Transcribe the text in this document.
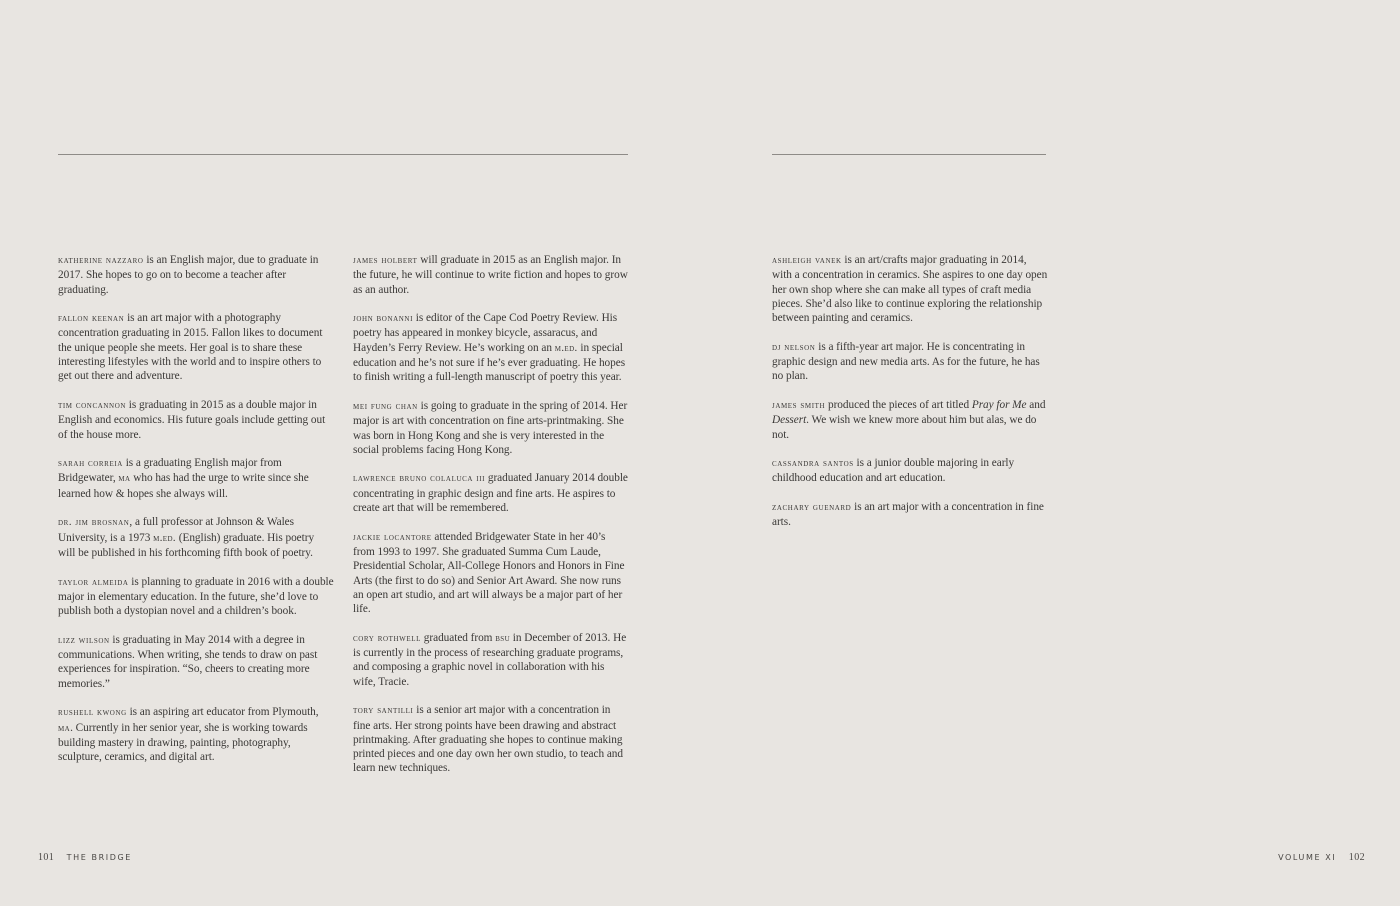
katherine nazzaro is an English major, due to graduate in 2017. She hopes to go on to become a teacher after graduating.

fallon keenan is an art major with a photography concentration graduating in 2015. Fallon likes to document the unique people she meets. Her goal is to share these interesting lifestyles with the world and to inspire others to get out there and adventure.

tim concannon is graduating in 2015 as a double major in English and economics. His future goals include getting out of the house more.

sarah correia is a graduating English major from Bridgewater, ma who has had the urge to write since she learned how & hopes she always will.

dr. jim brosnan, a full professor at Johnson & Wales University, is a 1973 m.ed. (English) graduate. His poetry will be published in his forthcoming fifth book of poetry.

taylor almeida is planning to graduate in 2016 with a double major in elementary education. In the future, she’d love to publish both a dystopian novel and a children’s book.

lizz wilson is graduating in May 2014 with a degree in communications. When writing, she tends to draw on past experiences for inspiration. “So, cheers to creating more memories.”

rushell kwong is an aspiring art educator from Plymouth, ma. Currently in her senior year, she is working towards building mastery in drawing, painting, photography, sculpture, ceramics, and digital art.

james holbert will graduate in 2015 as an English major. In the future, he will continue to write fiction and hopes to grow as an author.

john bonanni is editor of the Cape Cod Poetry Review. His poetry has appeared in monkey bicycle, assaracus, and Hayden’s Ferry Review. He’s working on an m.ed. in special education and he’s not sure if he’s ever graduating. He hopes to finish writing a full-length manuscript of poetry this year.

mei fung chan is going to graduate in the spring of 2014. Her major is art with concentration on fine arts-printmaking. She was born in Hong Kong and she is very interested in the social problems facing Hong Kong.

lawrence bruno colaluca iii graduated January 2014 double concentrating in graphic design and fine arts. He aspires to create art that will be remembered.

jackie locantore attended Bridgewater State in her 40’s from 1993 to 1997. She graduated Summa Cum Laude, Presidential Scholar, All-College Honors and Honors in Fine Arts (the first to do so) and Senior Art Award. She now runs an open art studio, and art will always be a major part of her life.

cory rothwell graduated from bsu in December of 2013. He is currently in the process of researching graduate programs, and composing a graphic novel in collaboration with his wife, Tracie.

tory santilli is a senior art major with a concentration in fine arts. Her strong points have been drawing and abstract printmaking. After graduating she hopes to continue making printed pieces and one day own her own studio, to teach and learn new techniques.

ashleigh vanek is an art/crafts major graduating in 2014, with a concentration in ceramics. She aspires to one day open her own shop where she can make all types of craft media pieces. She’d also like to continue exploring the relationship between painting and ceramics.

dj nelson is a fifth-year art major. He is concentrating in graphic design and new media arts. As for the future, he has no plan.

james smith produced the pieces of art titled Pray for Me and Dessert. We wish we knew more about him but alas, we do not.

cassandra santos is a junior double majoring in early childhood education and art education.

zachary guenard is an art major with a concentration in fine arts.

101 THE BRIDGE	VOLUME XI 102
